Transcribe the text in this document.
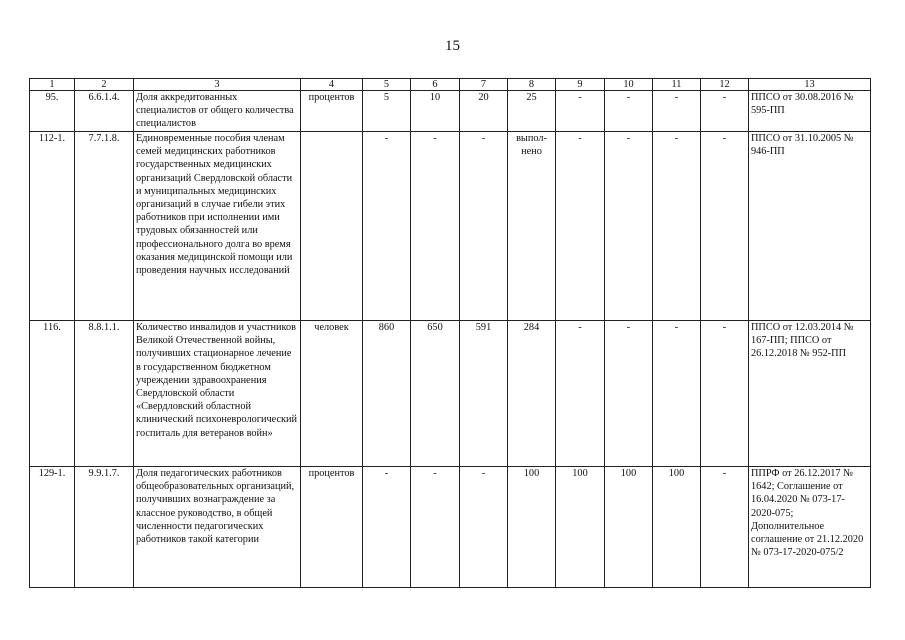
15
1	2	3	4	5	6	7	8	9	10	11	12	13
95.	6.6.1.4.	Доля аккредитованных специалистов от общего количества специалистов	процентов	5	10	20	25	-	-	-	-	ППСО от 30.08.2016 № 595-ПП
112-1.	7.7.1.8.	Единовременные пособия членам семей медицинских работников государственных медицинских организаций Свердловской области и муниципальных медицинских организаций в случае гибели этих работников при исполнении ими трудовых обязанностей или профессионального долга во время оказания медицинской помощи или проведения научных исследований		-	-	-	выпол-нено	-	-	-	-	ППСО от 31.10.2005 № 946-ПП
116.	8.8.1.1.	Количество инвалидов и участников Великой Отечественной войны, получивших стационарное лечение в государственном бюджетном учреждении здравоохранения Свердловской области «Свердловский областной клинический психоневрологический госпиталь для ветеранов войн»	человек	860	650	591	284	-	-	-	-	ППСО от 12.03.2014 № 167-ПП; ППСО от 26.12.2018 № 952-ПП
129-1.	9.9.1.7.	Доля педагогических работников общеобразовательных организаций, получивших вознаграждение за классное руководство, в общей численности педагогических работников такой категории	процентов	-	-	-	100	100	100	100	-	ППРФ от 26.12.2017 № 1642; Соглашение от 16.04.2020 № 073-17-2020-075; Дополнительное соглашение от 21.12.2020 № 073-17-2020-075/2
